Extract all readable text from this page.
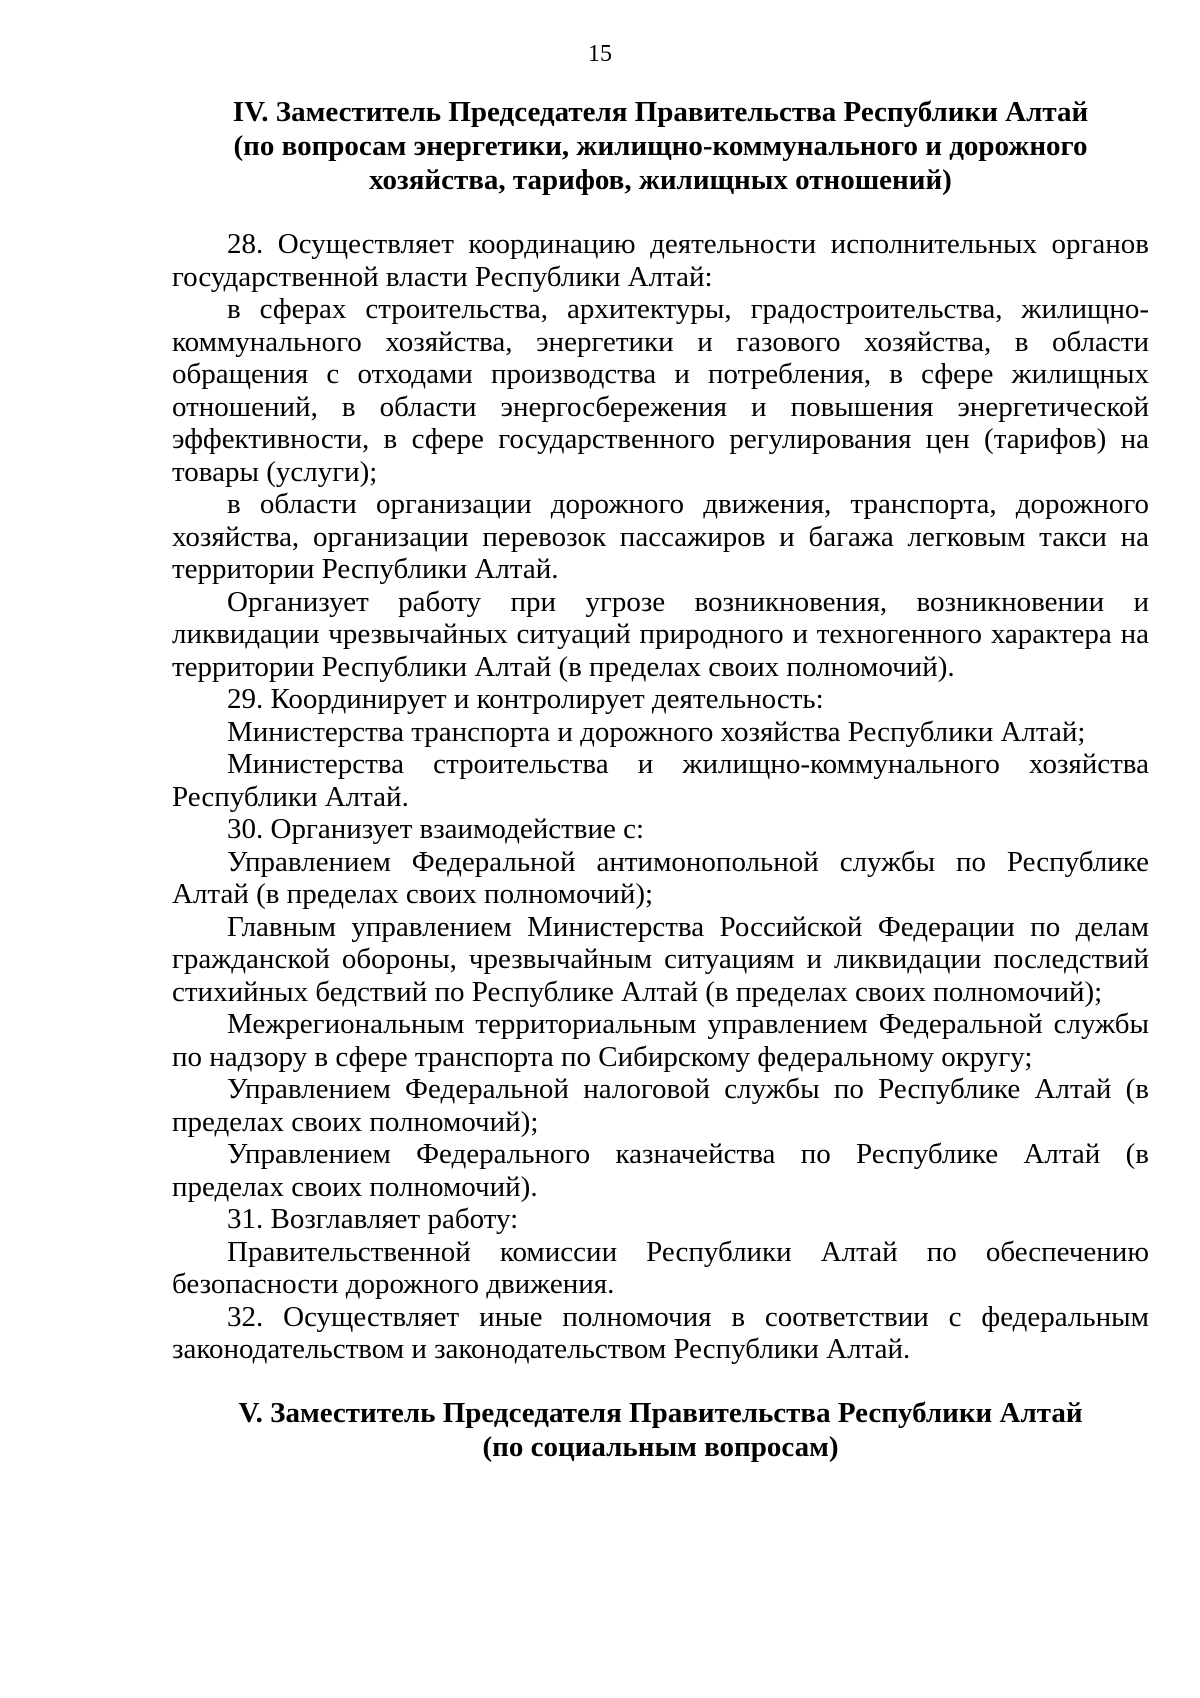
15
IV. Заместитель Председателя Правительства Республики Алтай
(по вопросам энергетики, жилищно-коммунального и дорожного
хозяйства, тарифов, жилищных отношений)

28. Осуществляет координацию деятельности исполнительных органов государственной власти Республики Алтай:

в сферах строительства, архитектуры, градостроительства, жилищно-коммунального хозяйства, энергетики и газового хозяйства, в области обращения с отходами производства и потребления, в сфере жилищных отношений, в области энергосбережения и повышения энергетической эффективности, в сфере государственного регулирования цен (тарифов) на товары (услуги);

в области организации дорожного движения, транспорта, дорожного хозяйства, организации перевозок пассажиров и багажа легковым такси на территории Республики Алтай.

Организует работу при угрозе возникновения, возникновении и ликвидации чрезвычайных ситуаций природного и техногенного характера на территории Республики Алтай (в пределах своих полномочий).

29. Координирует и контролирует деятельность:

Министерства транспорта и дорожного хозяйства Республики Алтай;

Министерства строительства и жилищно-коммунального хозяйства Республики Алтай.

30. Организует взаимодействие с:

Управлением Федеральной антимонопольной службы по Республике Алтай (в пределах своих полномочий);

Главным управлением Министерства Российской Федерации по делам гражданской обороны, чрезвычайным ситуациям и ликвидации последствий стихийных бедствий по Республике Алтай (в пределах своих полномочий);

Межрегиональным территориальным управлением Федеральной службы по надзору в сфере транспорта по Сибирскому федеральному округу;

Управлением Федеральной налоговой службы по Республике Алтай (в пределах своих полномочий);

Управлением Федерального казначейства по Республике Алтай (в пределах своих полномочий).

31. Возглавляет работу:

Правительственной комиссии Республики Алтай по обеспечению безопасности дорожного движения.

32. Осуществляет иные полномочия в соответствии с федеральным законодательством и законодательством Республики Алтай.

V. Заместитель Председателя Правительства Республики Алтай
(по социальным вопросам)
